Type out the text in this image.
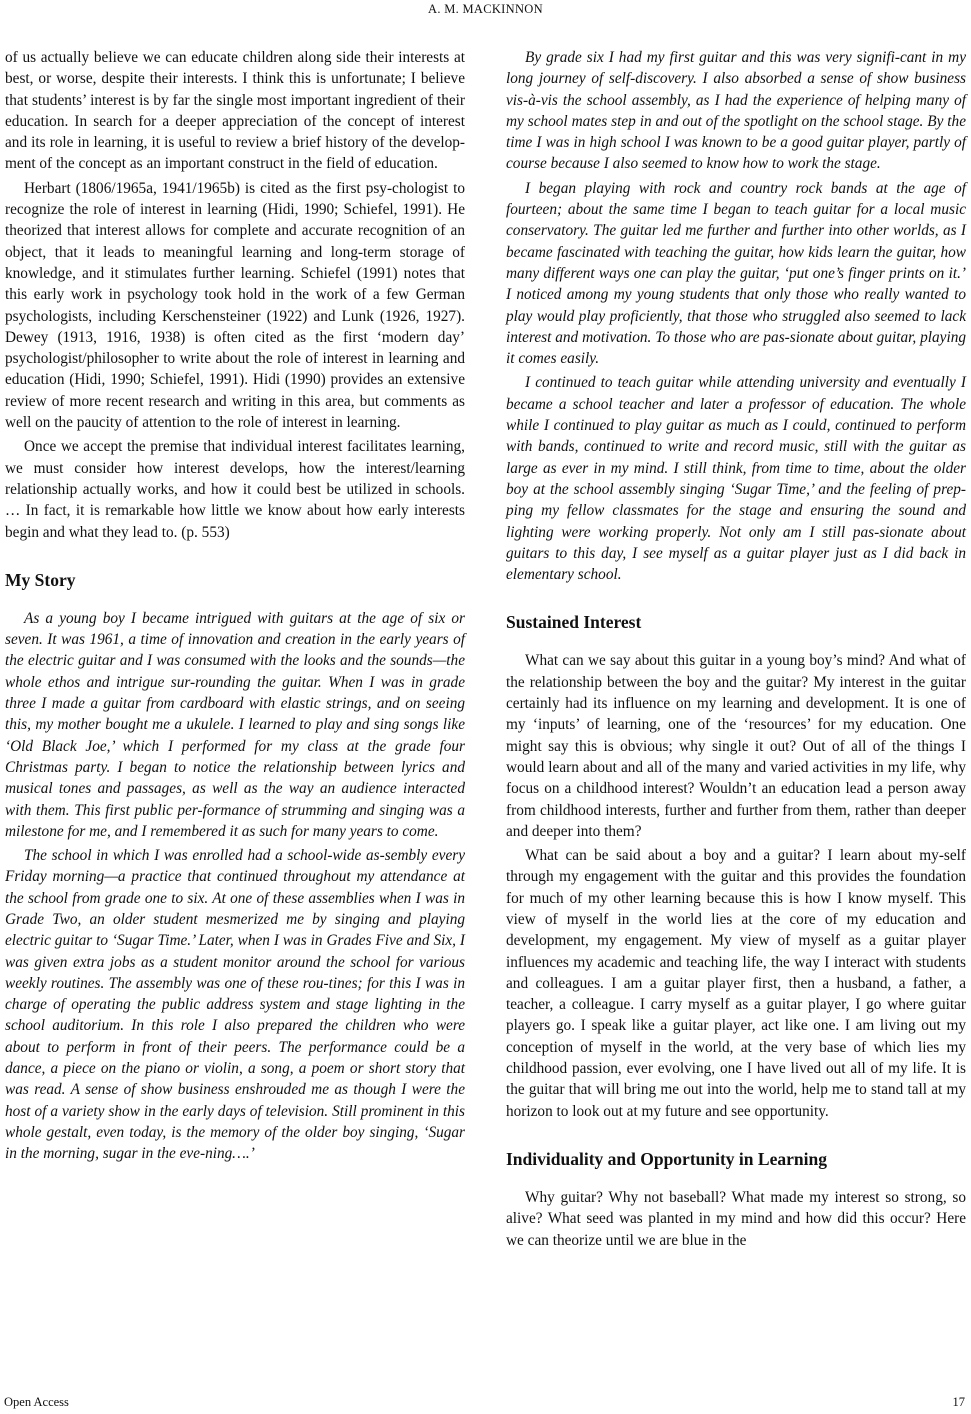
A. M. MACKINNON

of us actually believe we can educate children along side their interests at best, or worse, despite their interests. I think this is unfortunate; I believe that students’ interest is by far the single most important ingredient of their education. In search for a deeper appreciation of the concept of interest and its role in learning, it is useful to review a brief history of the develop-ment of the concept as an important construct in the field of education.

Herbart (1806/1965a, 1941/1965b) is cited as the first psy-chologist to recognize the role of interest in learning (Hidi, 1990; Schiefel, 1991). He theorized that interest allows for complete and accurate recognition of an object, that it leads to meaningful learning and long-term storage of knowledge, and it stimulates further learning. Schiefel (1991) notes that this early work in psychology took hold in the work of a few German psychologists, including Kerschensteiner (1922) and Lunk (1926, 1927). Dewey (1913, 1916, 1938) is often cited as the first ‘modern day’ psychologist/philosopher to write about the role of interest in learning and education (Hidi, 1990; Schiefel, 1991). Hidi (1990) provides an extensive review of more recent research and writing in this area, but comments as well on the paucity of attention to the role of interest in learning.

Once we accept the premise that individual interest facilitates learning, we must consider how interest develops, how the interest/learning relationship actually works, and how it could best be utilized in schools. … In fact, it is remarkable how little we know about how early interests begin and what they lead to. (p. 553)

My Story

As a young boy I became intrigued with guitars at the age of six or seven. It was 1961, a time of innovation and creation in the early years of the electric guitar and I was consumed with the looks and the sounds—the whole ethos and intrigue sur-rounding the guitar. When I was in grade three I made a guitar from cardboard with elastic strings, and on seeing this, my mother bought me a ukulele. I learned to play and sing songs like ‘Old Black Joe,’ which I performed for my class at the grade four Christmas party. I began to notice the relationship between lyrics and musical tones and passages, as well as the way an audience interacted with them. This first public per-formance of strumming and singing was a milestone for me, and I remembered it as such for many years to come.

The school in which I was enrolled had a school-wide as-sembly every Friday morning—a practice that continued throughout my attendance at the school from grade one to six. At one of these assemblies when I was in Grade Two, an older student mesmerized me by singing and playing electric guitar to ‘Sugar Time.’ Later, when I was in Grades Five and Six, I was given extra jobs as a student monitor around the school for various weekly routines. The assembly was one of these rou-tines; for this I was in charge of operating the public address system and stage lighting in the school auditorium. In this role I also prepared the children who were about to perform in front of their peers. The performance could be a dance, a piece on the piano or violin, a song, a poem or short story that was read. A sense of show business enshrouded me as though I were the host of a variety show in the early days of television. Still prominent in this whole gestalt, even today, is the memory of the older boy singing, ‘Sugar in the morning, sugar in the eve-ning….’

By grade six I had my first guitar and this was very signifi-cant in my long journey of self-discovery. I also absorbed a sense of show business vis-à-vis the school assembly, as I had the experience of helping many of my school mates step in and out of the spotlight on the school stage. By the time I was in high school I was known to be a good guitar player, partly of course because I also seemed to know how to work the stage.

I began playing with rock and country rock bands at the age of fourteen; about the same time I began to teach guitar for a local music conservatory. The guitar led me further and further into other worlds, as I became fascinated with teaching the guitar, how kids learn the guitar, how many different ways one can play the guitar, ‘put one’s finger prints on it.’ I noticed among my young students that only those who really wanted to play would play proficiently, that those who struggled also seemed to lack interest and motivation. To those who are pas-sionate about guitar, playing it comes easily.

I continued to teach guitar while attending university and eventually I became a school teacher and later a professor of education. The whole while I continued to play guitar as much as I could, continued to perform with bands, continued to write and record music, still with the guitar as large as ever in my mind. I still think, from time to time, about the older boy at the school assembly singing ‘Sugar Time,’ and the feeling of prep-ping my fellow classmates for the stage and ensuring the sound and lighting were working properly. Not only am I still pas-sionate about guitars to this day, I see myself as a guitar player just as I did back in elementary school.

Sustained Interest

What can we say about this guitar in a young boy’s mind? And what of the relationship between the boy and the guitar? My interest in the guitar certainly had its influence on my learning and development. It is one of my ‘inputs’ of learning, one of the ‘resources’ for my education. One might say this is obvious; why single it out? Out of all of the things I would learn about and all of the many and varied activities in my life, why focus on a childhood interest? Wouldn’t an education lead a person away from childhood interests, further and further from them, rather than deeper and deeper into them?

What can be said about a boy and a guitar? I learn about my-self through my engagement with the guitar and this provides the foundation for much of my other learning because this is how I know myself. This view of myself in the world lies at the core of my education and development, my engagement. My view of myself as a guitar player influences my academic and teaching life, the way I interact with students and colleagues. I am a guitar player first, then a husband, a father, a teacher, a colleague. I carry myself as a guitar player, I go where guitar players go. I speak like a guitar player, act like one. I am living out my conception of myself in the world, at the very base of which lies my childhood passion, ever evolving, one I have lived out all of my life. It is the guitar that will bring me out into the world, help me to stand tall at my horizon to look out at my future and see opportunity.

Individuality and Opportunity in Learning

Why guitar? Why not baseball? What made my interest so strong, so alive? What seed was planted in my mind and how did this occur? Here we can theorize until we are blue in the

Open Access	17
